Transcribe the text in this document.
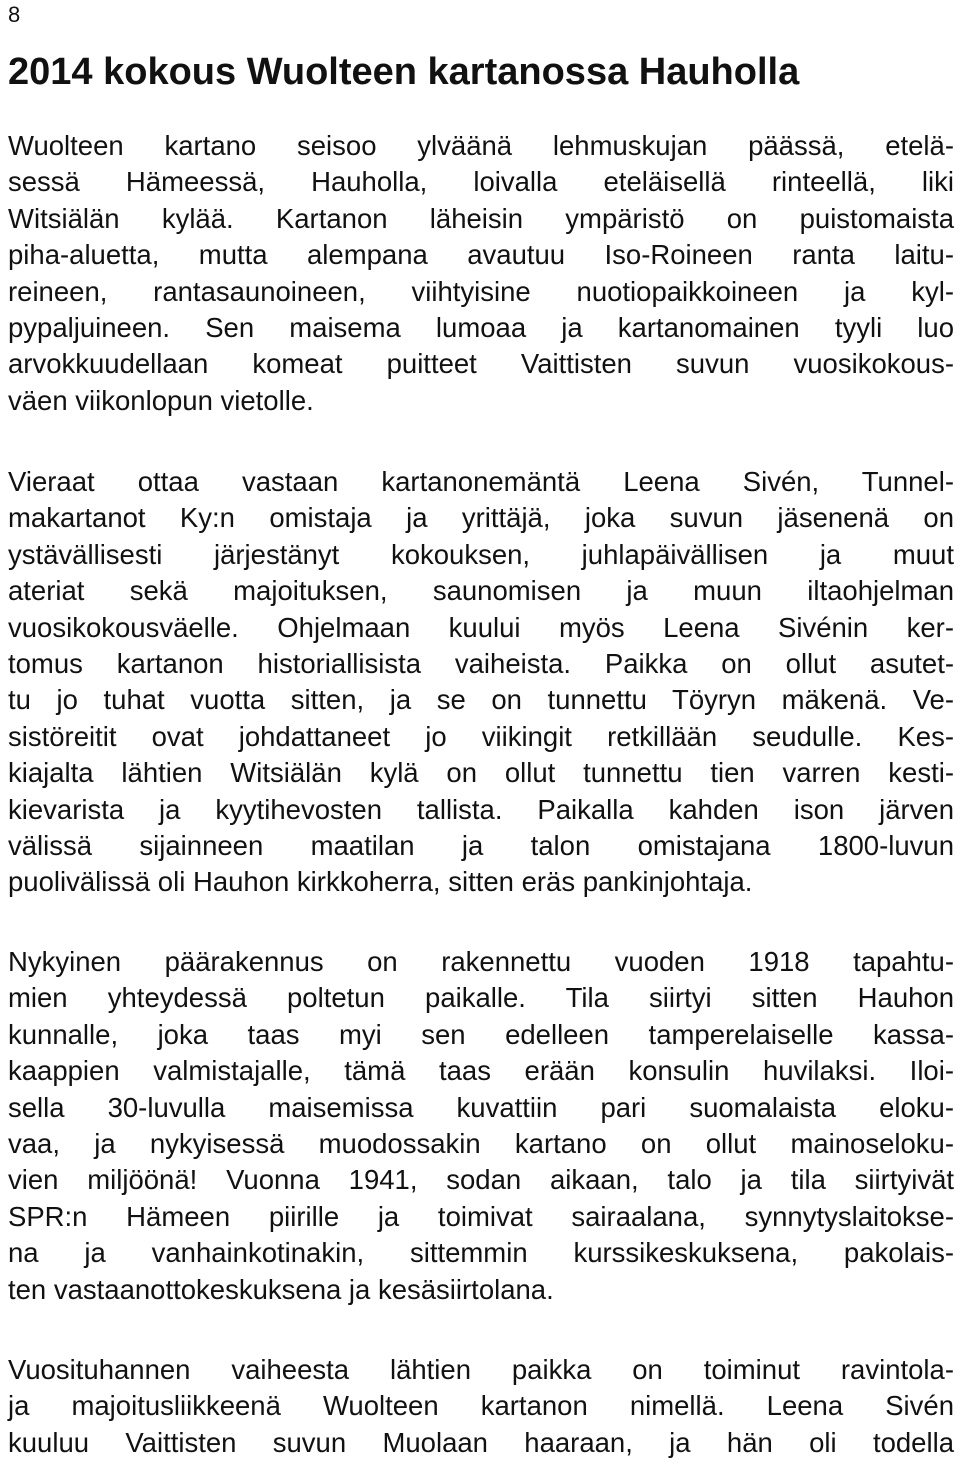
8
2014 kokous Wuolteen kartanossa Hauholla
Wuolteen kartano seisoo ylväänä lehmuskujan päässä, etelä-
sessä Hämeessä, Hauholla, loivalla eteläisellä rinteellä, liki
Witsiälän kylää. Kartanon läheisin ympäristö on puistomaista
piha-aluetta, mutta alempana avautuu Iso-Roineen ranta laitu-
reineen, rantasaunoineen, viihtyisine nuotiopaikkoineen ja kyl-
pypaljuineen. Sen maisema lumoaa ja kartanomainen tyyli luo
arvokkuudellaan komeat puitteet Vaittisten suvun vuosikokous-
väen viikonlopun vietolle.
Vieraat ottaa vastaan kartanonemäntä Leena Sivén, Tunnel-
makartanot Ky:n omistaja ja yrittäjä, joka suvun jäsenenä on
ystävällisesti järjestänyt kokouksen, juhlapäivällisen ja muut
ateriat sekä majoituksen, saunomisen ja muun iltaohjelman
vuosikokousväelle. Ohjelmaan kuului myös Leena Sivénin ker-
tomus kartanon historiallisista vaiheista. Paikka on ollut asutet-
tu jo tuhat vuotta sitten, ja se on tunnettu Töyryn mäkenä. Ve-
sistöreitit ovat johdattaneet jo viikingit retkillään seudulle. Kes-
kiajalta lähtien Witsiälän kylä on ollut tunnettu tien varren kesti-
kievarista ja kyytihevosten tallista. Paikalla kahden ison järven
välissä sijainneen maatilan ja talon omistajana 1800-luvun
puolivälissä oli Hauhon kirkkoherra, sitten eräs pankinjohtaja.
Nykyinen päärakennus on rakennettu vuoden 1918 tapahtu-
mien yhteydessä poltetun paikalle. Tila siirtyi sitten Hauhon
kunnalle, joka taas myi sen edelleen tamperelaiselle kassa-
kaappien valmistajalle, tämä taas erään konsulin huvilaksi. Iloi-
sella 30-luvulla maisemissa kuvattiin pari suomalaista eloku-
vaa, ja nykyisessä muodossakin kartano on ollut mainoseloku-
vien miljöönä! Vuonna 1941, sodan aikaan, talo ja tila siirtyivät
SPR:n Hämeen piirille ja toimivat sairaalana, synnytyslaitokse-
na ja vanhainkotinakin, sittemmin kurssikeskuksena, pakolais-
ten vastaanottokeskuksena ja kesäsiirtolana.
Vuosituhannen vaiheesta lähtien paikka on toiminut ravintola-
ja majoitusliikkeenä Wuolteen kartanon nimellä. Leena Sivén
kuuluu Vaittisten suvun Muolaan haaraan, ja hän oli todella
